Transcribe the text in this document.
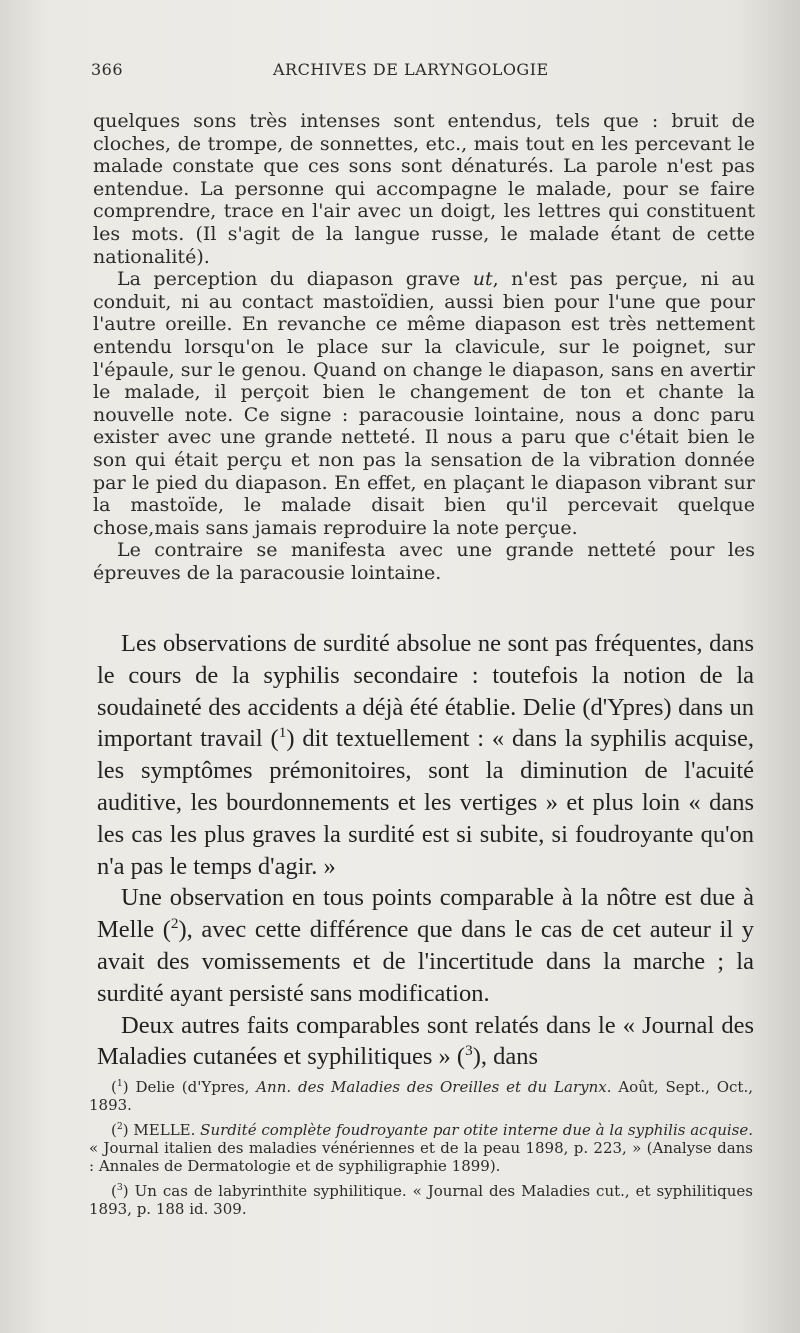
366	ARCHIVES DE LARYNGOLOGIE

quelques sons très intenses sont entendus, tels que : bruit de cloches, de trompe, de sonnettes, etc., mais tout en les percevant le malade constate que ces sons sont dénaturés. La parole n'est pas entendue. La personne qui accompagne le malade, pour se faire comprendre, trace en l'air avec un doigt, les lettres qui constituent les mots. (Il s'agit de la langue russe, le malade étant de cette nationalité).

La perception du diapason grave ut, n'est pas perçue, ni au conduit, ni au contact mastoïdien, aussi bien pour l'une que pour l'autre oreille. En revanche ce même diapason est très nettement entendu lorsqu'on le place sur la clavicule, sur le poignet, sur l'épaule, sur le genou. Quand on change le diapason, sans en avertir le malade, il perçoit bien le changement de ton et chante la nouvelle note. Ce signe : paracousie lointaine, nous a donc paru exister avec une grande netteté. Il nous a paru que c'était bien le son qui était perçu et non pas la sensation de la vibration donnée par le pied du diapason. En effet, en plaçant le diapason vibrant sur la mastoïde, le malade disait bien qu'il percevait quelque chose,mais sans jamais reproduire la note perçue.

Le contraire se manifesta avec une grande netteté pour les épreuves de la paracousie lointaine.

Les observations de surdité absolue ne sont pas fréquentes, dans le cours de la syphilis secondaire : toutefois la notion de la soudaineté des accidents a déjà été établie. Delie (d'Ypres) dans un important travail ($^1$) dit textuellement : « dans la syphilis acquise, les symptômes prémonitoires, sont la diminution de l'acuité auditive, les bourdonnements et les vertiges » et plus loin « dans les cas les plus graves la surdité est si subite, si foudroyante qu'on n'a pas le temps d'agir. »

Une observation en tous points comparable à la nôtre est due à Melle ($^2$), avec cette différence que dans le cas de cet auteur il y avait des vomissements et de l'incertitude dans la marche ; la surdité ayant persisté sans modification.

Deux autres faits comparables sont relatés dans le « Journal des Maladies cutanées et syphilitiques » ($^3$), dans

($^1$) Delie (d'Ypres, Ann. des Maladies des Oreilles et du Larynx. Août, Sept., Oct., 1893.

($^2$) MELLE. Surdité complète foudroyante par otite interne due à la syphilis acquise. « Journal italien des maladies vénériennes et de la peau 1898, p. 223, » (Analyse dans : Annales de Dermatologie et de syphiligraphie 1899).

($^3$) Un cas de labyrinthite syphilitique. « Journal des Maladies cut., et syphilitiques 1893, p. 188 id. 309.
